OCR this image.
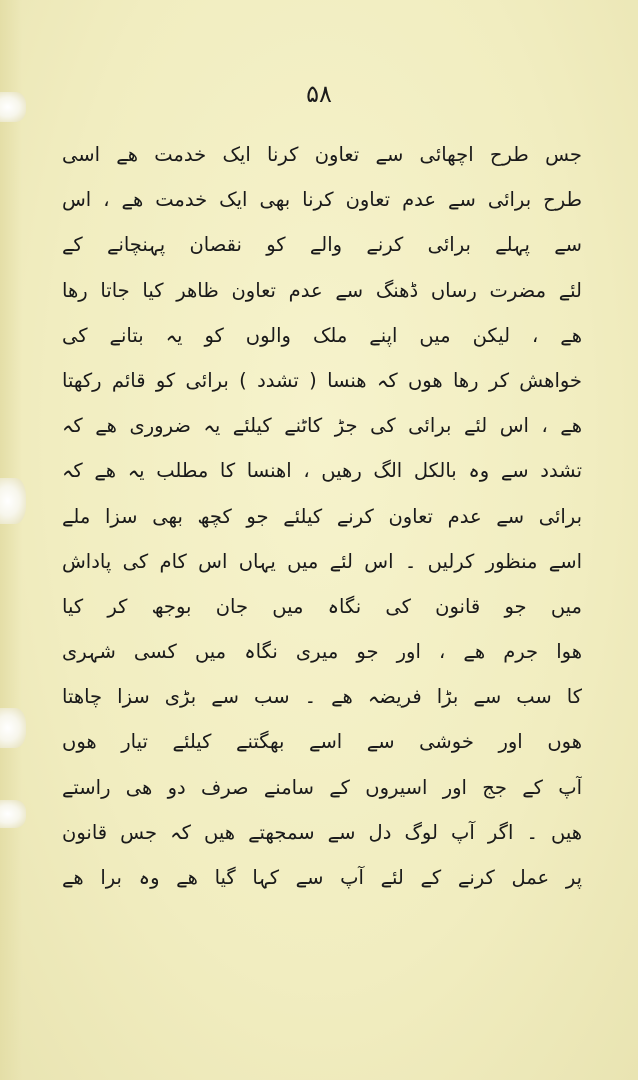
۵۸
جس طرح اچھائی سے تعاون کرنا ایک خدمت ھے اسی
طرح برائی سے عدم تعاون کرنا بھی ایک خدمت ھے ، اس
سے پہلے برائی کرنے والے کو نقصان پہنچانے کے
لئے مضرت رساں ڈھنگ سے عدم تعاون ظاھر کیا جاتا رھا
ھے ، لیکن میں اپنے ملک والوں کو یہ بتانے کی
خواھش کر رھا ھوں کہ ھنسا ( تشدد ) برائی کو قائم رکھتا
ھے ، اس لئے برائی کی جڑ کاٹنے کیلئے یہ ضروری ھے کہ
تشدد سے وہ بالکل الگ رھیں ، اھنسا کا مطلب یہ ھے کہ
برائی سے عدم تعاون کرنے کیلئے جو کچھ بھی سزا ملے
اسے منظور کرلیں ۔ اس لئے میں یہاں اس کام کی پاداش
میں جو قانون کی نگاہ میں جان بوجھ کر کیا
ھوا جرم ھے ، اور جو میری نگاہ میں کسی شہری
کا سب سے بڑا فریضہ ھے ۔ سب سے بڑی سزا چاھتا
ھوں اور خوشی سے اسے بھگتنے کیلئے تیار ھوں
آپ کے جج اور اسیروں کے سامنے صرف دو ھی راستے
ھیں ۔ اگر آپ لوگ دل سے سمجھتے ھیں کہ جس قانون
پر عمل کرنے کے لئے آپ سے کہا گیا ھے وہ برا ھے
